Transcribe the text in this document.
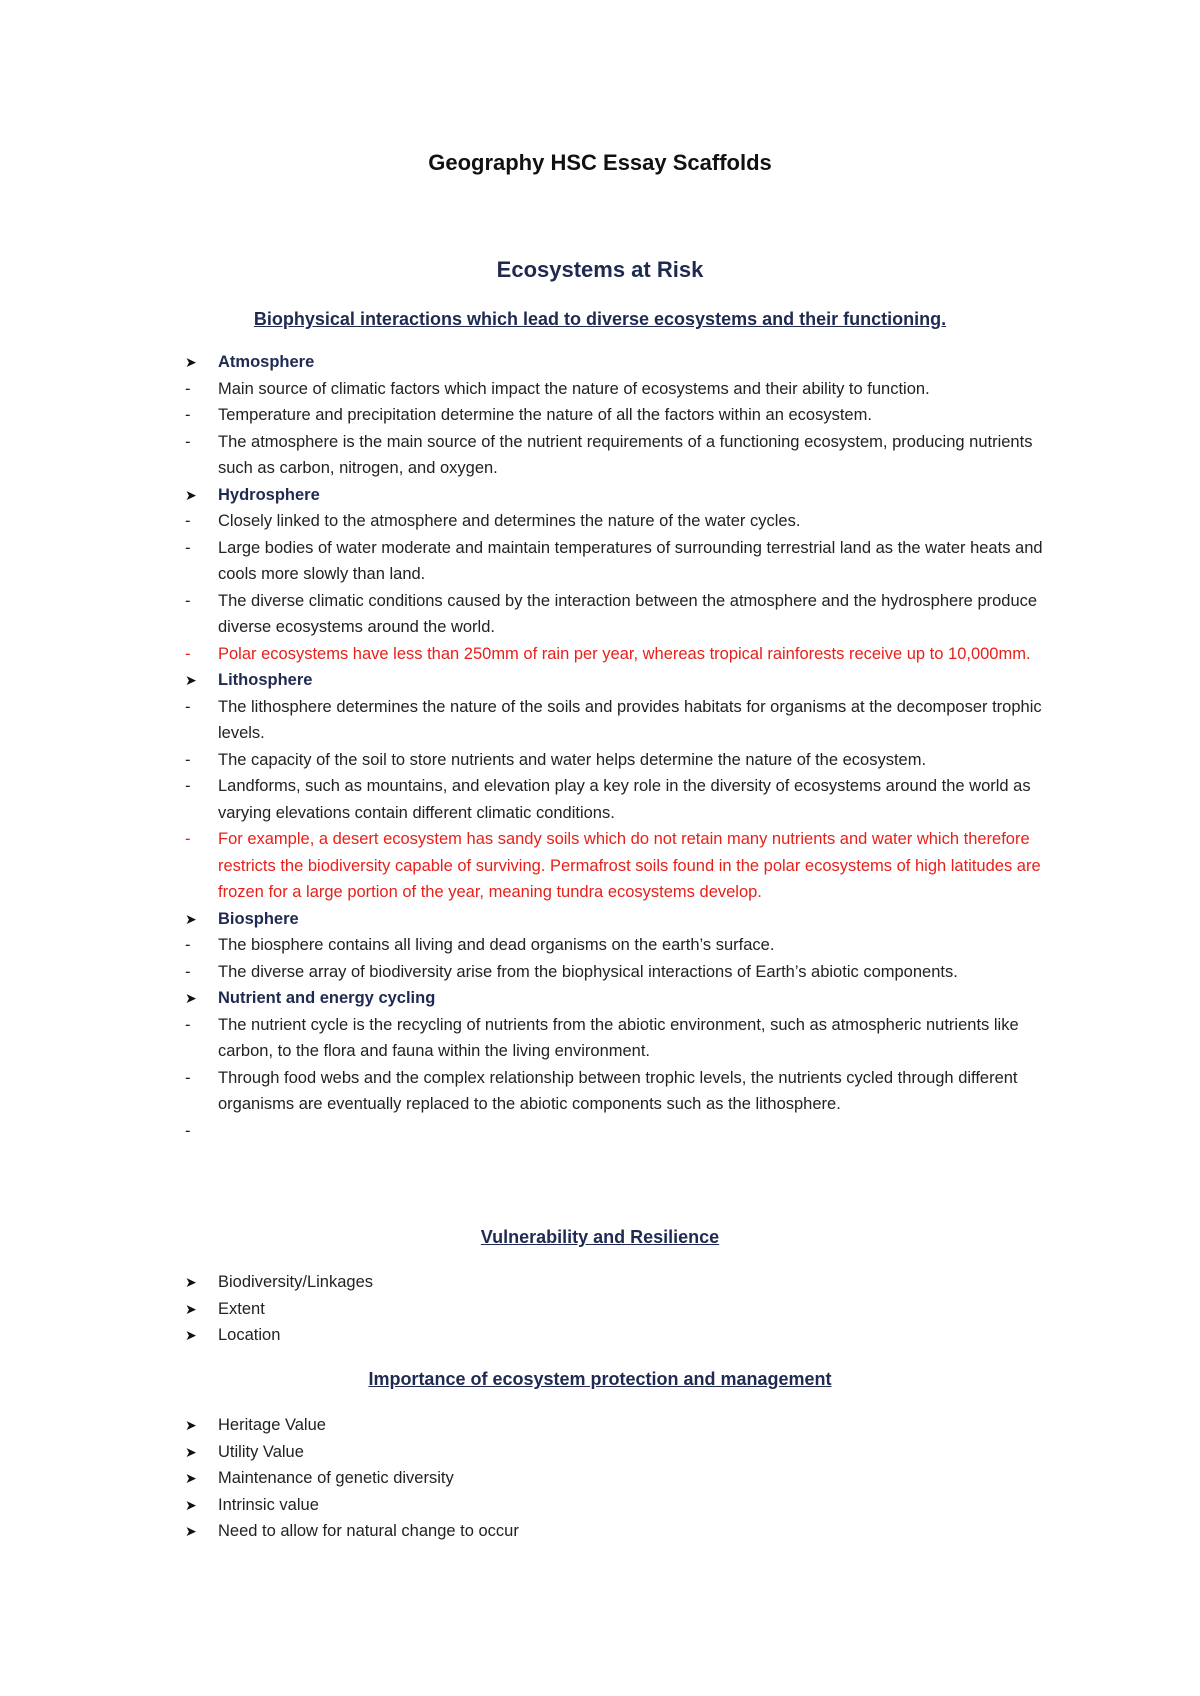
Geography HSC Essay Scaffolds
Ecosystems at Risk
Biophysical interactions which lead to diverse ecosystems and their functioning.
➤	Atmosphere
-	Main source of climatic factors which impact the nature of ecosystems and their ability to function.
-	Temperature and precipitation determine the nature of all the factors within an ecosystem.
-	The atmosphere is the main source of the nutrient requirements of a functioning ecosystem, producing nutrients such as carbon, nitrogen, and oxygen.
➤	Hydrosphere
-	Closely linked to the atmosphere and determines the nature of the water cycles.
-	Large bodies of water moderate and maintain temperatures of surrounding terrestrial land as the water heats and cools more slowly than land.
-	The diverse climatic conditions caused by the interaction between the atmosphere and the hydrosphere produce diverse ecosystems around the world.
-	Polar ecosystems have less than 250mm of rain per year, whereas tropical rainforests receive up to 10,000mm.
➤	Lithosphere
-	The lithosphere determines the nature of the soils and provides habitats for organisms at the decomposer trophic levels.
-	The capacity of the soil to store nutrients and water helps determine the nature of the ecosystem.
-	Landforms, such as mountains, and elevation play a key role in the diversity of ecosystems around the world as varying elevations contain different climatic conditions.
-	For example, a desert ecosystem has sandy soils which do not retain many nutrients and water which therefore restricts the biodiversity capable of surviving. Permafrost soils found in the polar ecosystems of high latitudes are frozen for a large portion of the year, meaning tundra ecosystems develop.
➤	Biosphere
-	The biosphere contains all living and dead organisms on the earth’s surface.
-	The diverse array of biodiversity arise from the biophysical interactions of Earth’s abiotic components.
➤	Nutrient and energy cycling
-	The nutrient cycle is the recycling of nutrients from the abiotic environment, such as atmospheric nutrients like carbon, to the flora and fauna within the living environment.
-	Through food webs and the complex relationship between trophic levels, the nutrients cycled through different organisms are eventually replaced to the abiotic components such as the lithosphere.
-
Vulnerability and Resilience
➤	Biodiversity/Linkages
➤	Extent
➤	Location
Importance of ecosystem protection and management
➤	Heritage Value
➤	Utility Value
➤	Maintenance of genetic diversity
➤	Intrinsic value
➤	Need to allow for natural change to occur
